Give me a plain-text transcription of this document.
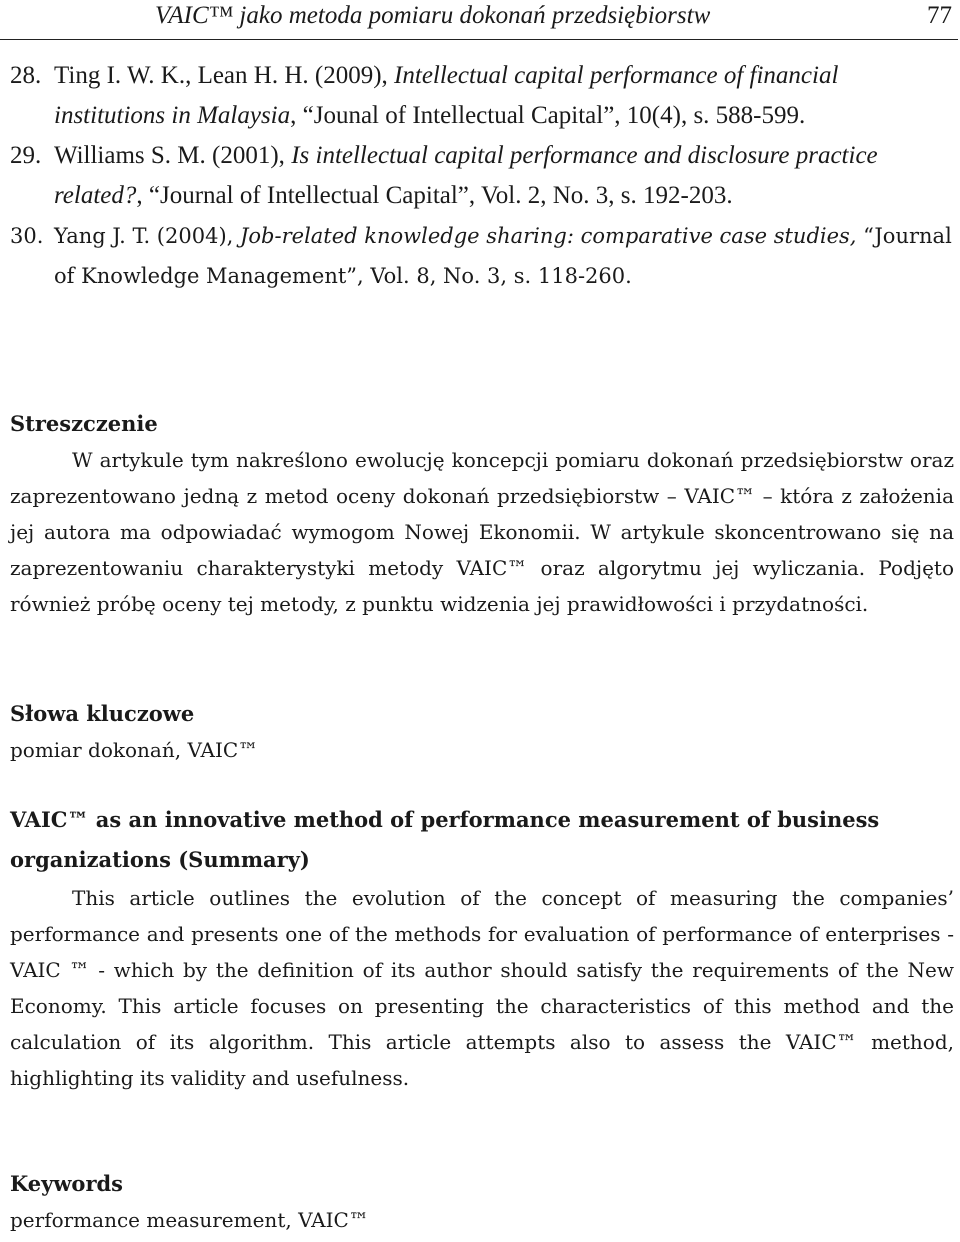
VAIC™ jako metoda pomiaru dokonań przedsiębiorstw	77

28. Ting I. W. K., Lean H. H. (2009), Intellectual capital performance of financial institutions in Malaysia, “Jounal of Intellectual Capital”, 10(4), s. 588-599.

29. Williams S. M. (2001), Is intellectual capital performance and disclosure practice related?, “Journal of Intellectual Capital”, Vol. 2, No. 3, s. 192-203.

30. Yang J. T. (2004), Job-related knowledge sharing: comparative case studies, “Journal of Knowledge Management”, Vol. 8, No. 3, s. 118-260.

Streszczenie

W artykule tym nakreślono ewolucję koncepcji pomiaru dokonań przedsiębiorstw oraz zaprezentowano jedną z metod oceny dokonań przedsiębiorstw – VAIC™ – która z założenia jej autora ma odpowiadać wymogom Nowej Ekonomii. W artykule skoncentrowano się na zaprezentowaniu charakterystyki metody VAIC™ oraz algorytmu jej wyliczania. Podjęto również próbę oceny tej metody, z punktu widzenia jej prawidłowości i przydatności.

Słowa kluczowe

pomiar dokonań, VAIC™

VAIC™ as an innovative method of performance measurement of business organizations (Summary)

This article outlines the evolution of the concept of measuring the companies’ performance and presents one of the methods for evaluation of performance of enterprises - VAIC ™ - which by the definition of its author should satisfy the requirements of the New Economy. This article focuses on presenting the characteristics of this method and the calculation of its algorithm. This article attempts also to assess the VAIC™ method, highlighting its validity and usefulness.

Keywords

performance measurement, VAIC™
